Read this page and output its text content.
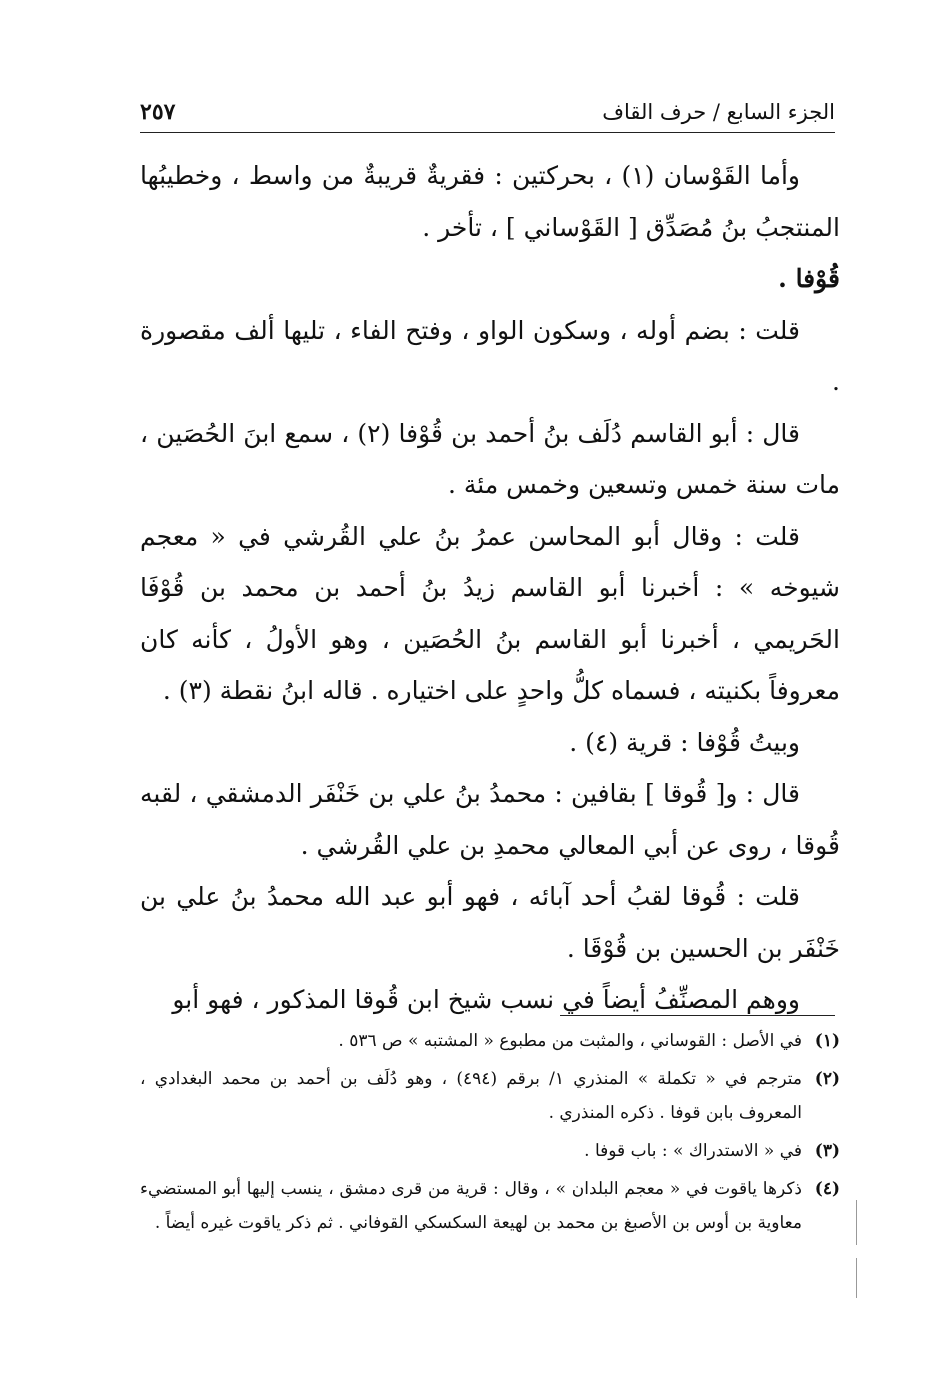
الجزء السابع / حرف القاف
٢٥٧

وأما القَوْسان (١) ، بحركتين : فقريةٌ قريبةٌ من واسط ، وخطيبُها المنتجبُ بنُ مُصَدِّق [ القَوْساني ] ، تأخر .

قُوْفا .

قلت : بضم أوله ، وسكون الواو ، وفتح الفاء ، تليها ألف مقصورة .

قال : أبو القاسم دُلَف بنُ أحمد بن قُوْفا (٢) ، سمع ابنَ الحُصَين ، مات سنة خمس وتسعين وخمس مئة .

قلت : وقال أبو المحاسن عمرُ بنُ علي القُرشي في « معجم شيوخه » : أخبرنا أبو القاسم زيدُ بنُ أحمد بن محمد بن قُوْفَا الحَريمي ، أخبرنا أبو القاسم بنُ الحُصَين ، وهو الأولُ ، كأنه كان معروفاً بكنيته ، فسماه كلُّ واحدٍ على اختياره . قاله ابنُ نقطة (٣) .

وبيتُ قُوْفا : قرية (٤) .

قال : و[ قُوقا ] بقافين : محمدُ بنُ علي بن خَنْفَر الدمشقي ، لقبه قُوقا ، روى عن أبي المعالي محمدِ بن علي القُرشي .

قلت : قُوقا لقبُ أحد آبائه ، فهو أبو عبد الله محمدُ بنُ علي بن خَنْفَر بن الحسين بن قُوْقَا .

ووهم المصنِّفُ أيضاً في نسب شيخ ابن قُوقا المذكور ، فهو أبو

(١)
في الأصل : القوساني ، والمثبت من مطبوع « المشتبه » ص ٥٣٦ .
(٢)
مترجم في « تكملة » المنذري ١/ برقم (٤٩٤) ، وهو دُلَف بن أحمد بن محمد البغدادي ، المعروف بابن قوفا . ذكره المنذري .
(٣)
في « الاستدراك » : باب قوفا .
(٤)
ذكرها ياقوت في « معجم البلدان » ، وقال : قرية من قرى دمشق ، ينسب إليها أبو المستضيء معاوية بن أوس بن الأصبغ بن محمد بن لهيعة السكسكي القوفاني . ثم ذكر ياقوت غيره أيضاً .
